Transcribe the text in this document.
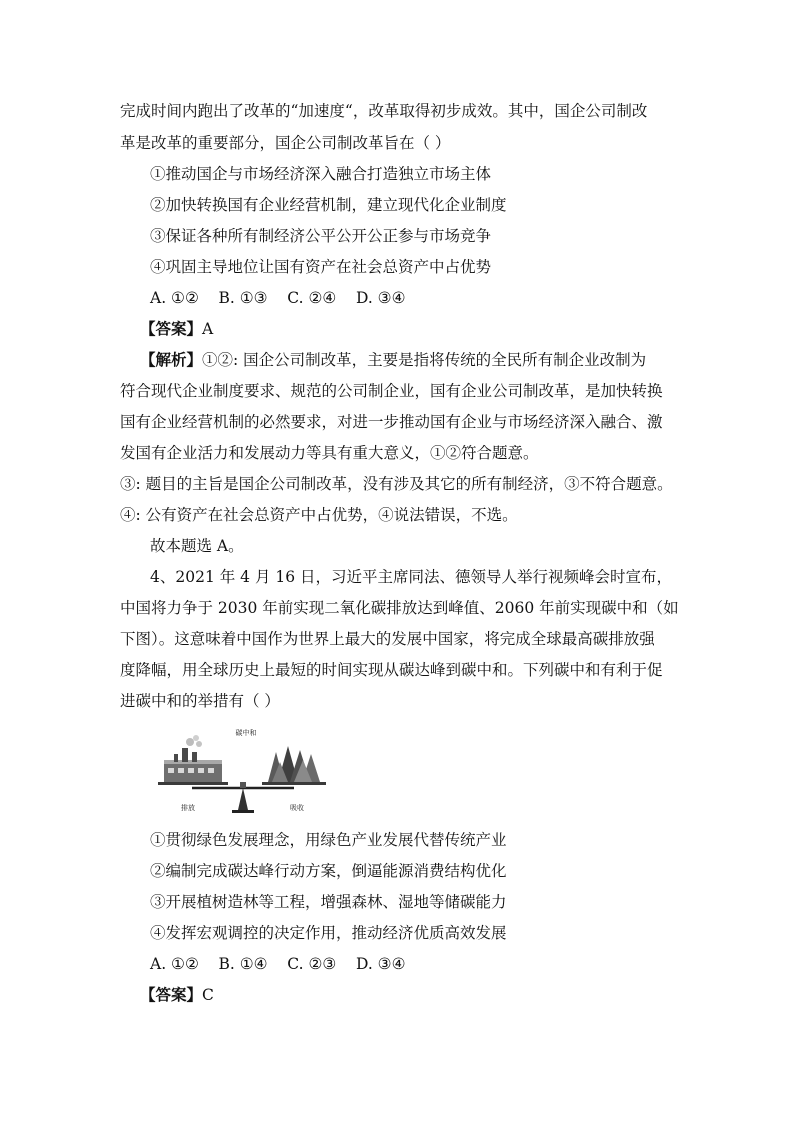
完成时间内跑出了改革的“加速度“，改革取得初步成效。其中，国企公司制改
革是改革的重要部分，国企公司制改革旨在（ ）
①推动国企与市场经济深入融合打造独立市场主体
②加快转换国有企业经营机制，建立现代化企业制度
③保证各种所有制经济公平公开公正参与市场竞争
④巩固主导地位让国有资产在社会总资产中占优势
A. ①②    B. ①③    C. ②④    D. ③④
【答案】A
【解析】①②: 国企公司制改革，主要是指将传统的全民所有制企业改制为
符合现代企业制度要求、规范的公司制企业，国有企业公司制改革，是加快转换
国有企业经营机制的必然要求，对进一步推动国有企业与市场经济深入融合、激
发国有企业活力和发展动力等具有重大意义，①②符合题意。
③: 题目的主旨是国企公司制改革，没有涉及其它的所有制经济，③不符合题意。
④: 公有资产在社会总资产中占优势，④说法错误，不选。
故本题选 A。
4、2021 年 4 月 16 日，习近平主席同法、德领导人举行视频峰会时宣布，
中国将力争于 2030 年前实现二氧化碳排放达到峰值、2060 年前实现碳中和（如
下图）。这意味着中国作为世界上最大的发展中国家，将完成全球最高碳排放强
度降幅，用全球历史上最短的时间实现从碳达峰到碳中和。下列碳中和有利于促
进碳中和的举措有（ ）
碳中和
排放	吸收
①贯彻绿色发展理念，用绿色产业发展代替传统产业
②编制完成碳达峰行动方案，倒逼能源消费结构优化
③开展植树造林等工程，增强森林、湿地等储碳能力
④发挥宏观调控的决定作用，推动经济优质高效发展
A. ①②    B. ①④    C. ②③    D. ③④
【答案】C
